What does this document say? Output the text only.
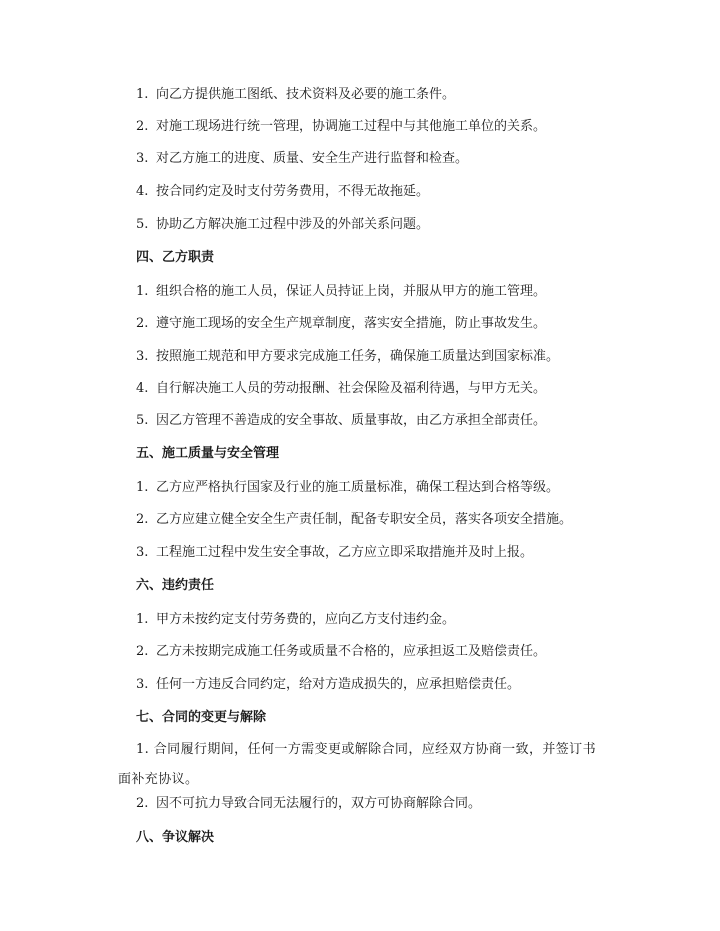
1. 向乙方提供施工图纸、技术资料及必要的施工条件。
2. 对施工现场进行统一管理，协调施工过程中与其他施工单位的关系。
3. 对乙方施工的进度、质量、安全生产进行监督和检查。
4. 按合同约定及时支付劳务费用，不得无故拖延。
5. 协助乙方解决施工过程中涉及的外部关系问题。
四、乙方职责
1. 组织合格的施工人员，保证人员持证上岗，并服从甲方的施工管理。
2. 遵守施工现场的安全生产规章制度，落实安全措施，防止事故发生。
3. 按照施工规范和甲方要求完成施工任务，确保施工质量达到国家标准。
4. 自行解决施工人员的劳动报酬、社会保险及福利待遇，与甲方无关。
5. 因乙方管理不善造成的安全事故、质量事故，由乙方承担全部责任。
五、施工质量与安全管理
1. 乙方应严格执行国家及行业的施工质量标准，确保工程达到合格等级。
2. 乙方应建立健全安全生产责任制，配备专职安全员，落实各项安全措施。
3. 工程施工过程中发生安全事故，乙方应立即采取措施并及时上报。
六、违约责任
1. 甲方未按约定支付劳务费的，应向乙方支付违约金。
2. 乙方未按期完成施工任务或质量不合格的，应承担返工及赔偿责任。
3. 任何一方违反合同约定，给对方造成损失的，应承担赔偿责任。
七、合同的变更与解除
1. 合同履行期间，任何一方需变更或解除合同，应经双方协商一致，并签订书面补充协议。
2. 因不可抗力导致合同无法履行的，双方可协商解除合同。
八、争议解决
